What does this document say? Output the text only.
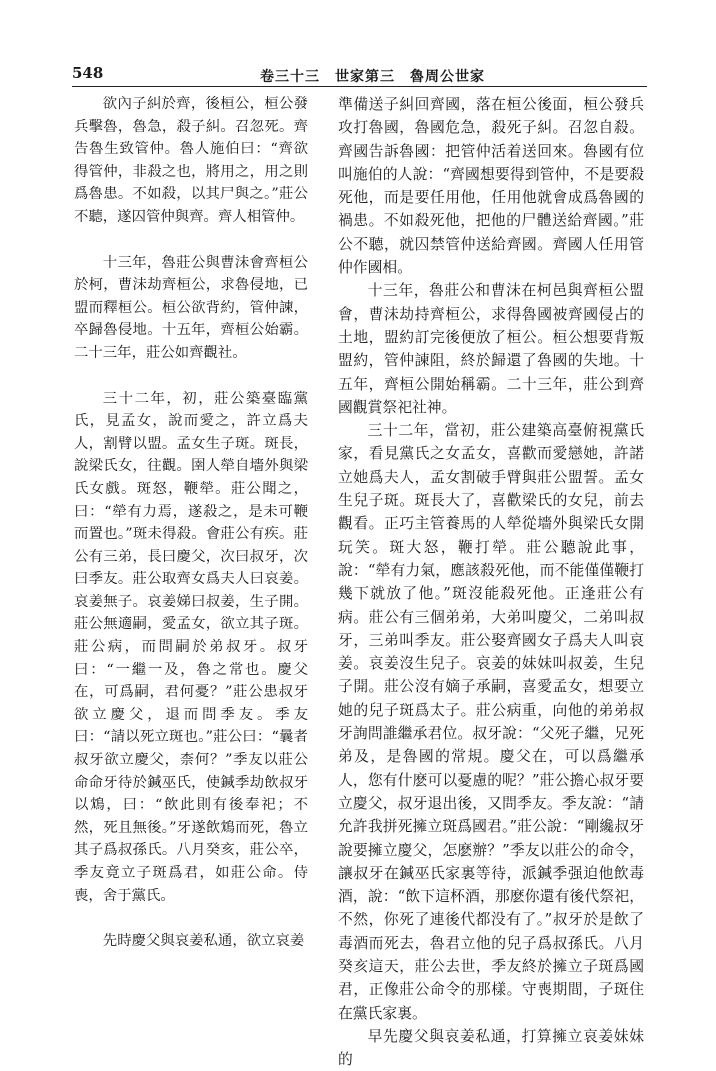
548	卷三十三　世家第三　魯周公世家

欲內子糾於齊，後桓公，桓公發兵擊魯，魯急，殺子糾。召忽死。齊告魯生致管仲。魯人施伯曰：“齊欲得管仲，非殺之也，將用之，用之則爲魯患。不如殺，以其尸與之。”莊公不聽，遂囚管仲與齊。齊人相管仲。

十三年，魯莊公與曹沬會齊桓公於柯，曹沬劫齊桓公，求魯侵地，已盟而釋桓公。桓公欲背約，管仲諫，卒歸魯侵地。十五年，齊桓公始霸。二十三年，莊公如齊觀社。

三十二年，初，莊公築臺臨黨氏，見孟女，說而愛之，許立爲夫人，割臂以盟。孟女生子斑。斑長，說梁氏女，往觀。圉人犖自墻外與梁氏女戲。斑怒，鞭犖。莊公聞之，曰：“犖有力焉，遂殺之，是未可鞭而置也。”斑未得殺。會莊公有疾。莊公有三弟，長曰慶父，次曰叔牙，次曰季友。莊公取齊女爲夫人曰哀姜。哀姜無子。哀姜娣曰叔姜，生子開。莊公無適嗣，愛孟女，欲立其子斑。莊公病，而問嗣於弟叔牙。叔牙曰：“一繼一及，魯之常也。慶父在，可爲嗣，君何憂？”莊公患叔牙欲立慶父，退而問季友。季友曰：“請以死立斑也。”莊公曰：“曩者叔牙欲立慶父，柰何？”季友以莊公命命牙待於鍼巫氏，使鍼季劫飲叔牙以鴆，曰：“飲此則有後奉祀；不然，死且無後。”牙遂飲鴆而死，魯立其子爲叔孫氏。八月癸亥，莊公卒，季友竟立子斑爲君，如莊公命。侍喪，舍于黨氏。

先時慶父與哀姜私通，欲立哀姜

準備送子糾回齊國，落在桓公後面，桓公發兵攻打魯國，魯國危急，殺死子糾。召忽自殺。齊國告訴魯國：把管仲活着送回來。魯國有位叫施伯的人說：“齊國想要得到管仲，不是要殺死他，而是要任用他，任用他就會成爲魯國的禍患。不如殺死他，把他的尸體送給齊國。”莊公不聽，就囚禁管仲送給齊國。齊國人任用管仲作國相。

十三年，魯莊公和曹沬在柯邑與齊桓公盟會，曹沬劫持齊桓公，求得魯國被齊國侵占的土地，盟約訂完後便放了桓公。桓公想要背叛盟約，管仲諫阻，終於歸還了魯國的失地。十五年，齊桓公開始稱霸。二十三年，莊公到齊國觀賞祭祀社神。

三十二年，當初，莊公建築高臺俯視黨氏家，看見黨氏之女孟女，喜歡而愛戀她，許諾立她爲夫人，孟女割破手臂與莊公盟誓。孟女生兒子斑。斑長大了，喜歡梁氏的女兒，前去觀看。正巧主管養馬的人犖從墻外與梁氏女開玩笑。斑大怒，鞭打犖。莊公聽說此事，說：“犖有力氣，應該殺死他，而不能僅僅鞭打幾下就放了他。”斑沒能殺死他。正逢莊公有病。莊公有三個弟弟，大弟叫慶父，二弟叫叔牙，三弟叫季友。莊公娶齊國女子爲夫人叫哀姜。哀姜沒生兒子。哀姜的妹妹叫叔姜，生兒子開。莊公沒有嫡子承嗣，喜愛孟女，想要立她的兒子斑爲太子。莊公病重，向他的弟弟叔牙詢問誰繼承君位。叔牙說：“父死子繼，兄死弟及，是魯國的常規。慶父在，可以爲繼承人，您有什麽可以憂慮的呢？”莊公擔心叔牙要立慶父，叔牙退出後，又問季友。季友說：“請允許我拼死擁立斑爲國君。”莊公說：“剛纔叔牙說要擁立慶父，怎麽辦？”季友以莊公的命令，讓叔牙在鍼巫氏家裏等待，派鍼季强迫他飲毒酒，說：“飲下這杯酒，那麽你還有後代祭祀，不然，你死了連後代都没有了。”叔牙於是飲了毒酒而死去，魯君立他的兒子爲叔孫氏。八月癸亥這天，莊公去世，季友終於擁立子斑爲國君，正像莊公命令的那樣。守喪期間，子斑住在黨氏家裏。

早先慶父與哀姜私通，打算擁立哀姜妹妹的
